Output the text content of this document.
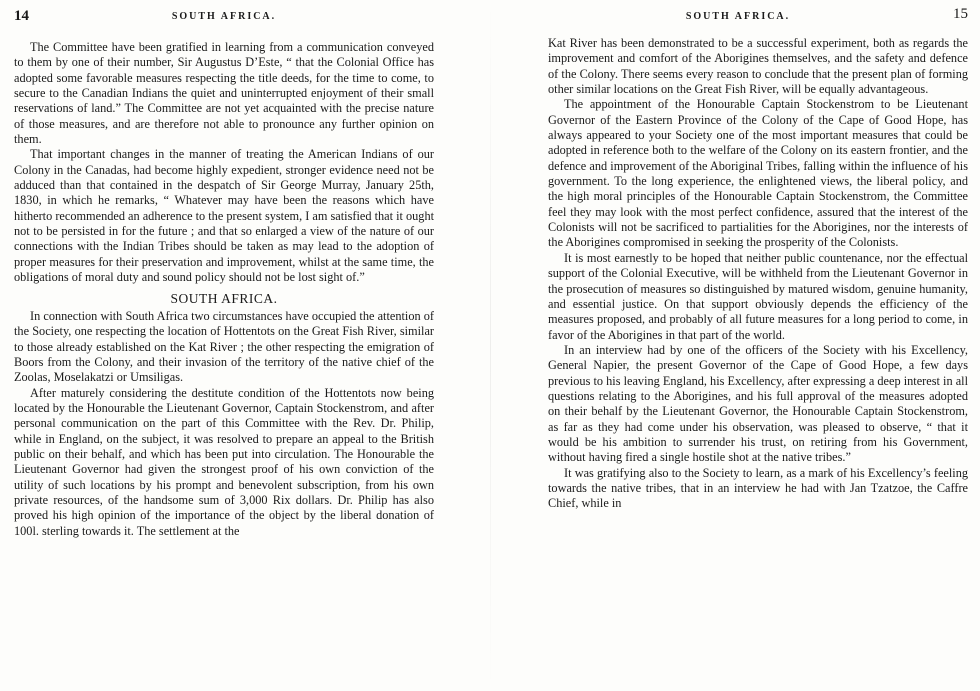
14	SOUTH AFRICA.

The Committee have been gratified in learning from a communication conveyed to them by one of their number, Sir Augustus D’Este, “ that the Colonial Office has adopted some favorable measures respecting the title deeds, for the time to come, to secure to the Canadian Indians the quiet and uninterrupted enjoyment of their small reservations of land.” The Committee are not yet acquainted with the precise nature of those measures, and are therefore not able to pronounce any further opinion on them.

That important changes in the manner of treating the American Indians of our Colony in the Canadas, had become highly expedient, stronger evidence need not be adduced than that contained in the despatch of Sir George Murray, January 25th, 1830, in which he remarks, “ Whatever may have been the reasons which have hitherto recommended an adherence to the present system, I am satisfied that it ought not to be persisted in for the future ; and that so enlarged a view of the nature of our connections with the Indian Tribes should be taken as may lead to the adoption of proper measures for their preservation and improvement, whilst at the same time, the obligations of moral duty and sound policy should not be lost sight of.”

SOUTH AFRICA.

In connection with South Africa two circumstances have occupied the attention of the Society, one respecting the location of Hottentots on the Great Fish River, similar to those already established on the Kat River ; the other respecting the emigration of Boors from the Colony, and their invasion of the territory of the native chief of the Zoolas, Moselakatzi or Umsiligas.

After maturely considering the destitute condition of the Hottentots now being located by the Honourable the Lieutenant Governor, Captain Stockenstrom, and after personal communication on the part of this Committee with the Rev. Dr. Philip, while in England, on the subject, it was resolved to prepare an appeal to the British public on their behalf, and which has been put into circulation. The Honourable the Lieutenant Governor had given the strongest proof of his own conviction of the utility of such locations by his prompt and benevolent subscription, from his own private resources, of the handsome sum of 3,000 Rix dollars. Dr. Philip has also proved his high opinion of the importance of the object by the liberal donation of 100l. sterling towards it. The settlement at the

SOUTH AFRICA.	15

Kat River has been demonstrated to be a successful experiment, both as regards the improvement and comfort of the Aborigines themselves, and the safety and defence of the Colony. There seems every reason to conclude that the present plan of forming other similar locations on the Great Fish River, will be equally advantageous.

The appointment of the Honourable Captain Stockenstrom to be Lieutenant Governor of the Eastern Province of the Colony of the Cape of Good Hope, has always appeared to your Society one of the most important measures that could be adopted in reference both to the welfare of the Colony on its eastern frontier, and the defence and improvement of the Aboriginal Tribes, falling within the influence of his government. To the long experience, the enlightened views, the liberal policy, and the high moral principles of the Honourable Captain Stockenstrom, the Committee feel they may look with the most perfect confidence, assured that the interest of the Colonists will not be sacrificed to partialities for the Aborigines, nor the interests of the Aborigines compromised in seeking the prosperity of the Colonists.

It is most earnestly to be hoped that neither public countenance, nor the effectual support of the Colonial Executive, will be withheld from the Lieutenant Governor in the prosecution of measures so distinguished by matured wisdom, genuine humanity, and essential justice. On that support obviously depends the efficiency of the measures proposed, and probably of all future measures for a long period to come, in favor of the Aborigines in that part of the world.

In an interview had by one of the officers of the Society with his Excellency, General Napier, the present Governor of the Cape of Good Hope, a few days previous to his leaving England, his Excellency, after expressing a deep interest in all questions relating to the Aborigines, and his full approval of the measures adopted on their behalf by the Lieutenant Governor, the Honourable Captain Stockenstrom, as far as they had come under his observation, was pleased to observe, “ that it would be his ambition to surrender his trust, on retiring from his Government, without having fired a single hostile shot at the native tribes.”

It was gratifying also to the Society to learn, as a mark of his Excellency’s feeling towards the native tribes, that in an interview he had with Jan Tzatzoe, the Caffre Chief, while in
